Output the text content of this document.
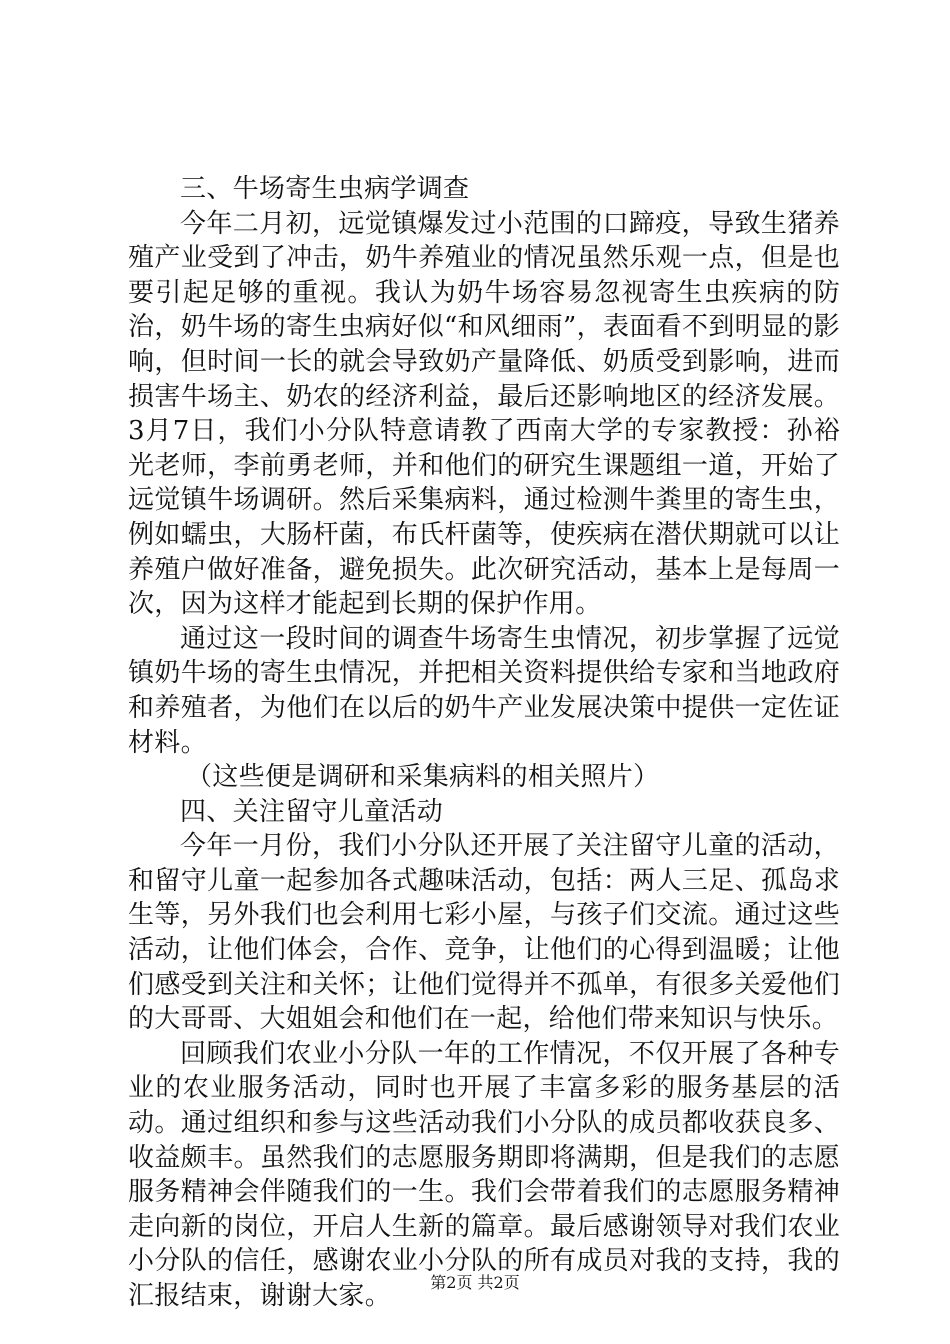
三、牛场寄生虫病学调查

今年二月初，远觉镇爆发过小范围的口蹄疫，导致生猪养殖产业受到了冲击，奶牛养殖业的情况虽然乐观一点，但是也要引起足够的重视。我认为奶牛场容易忽视寄生虫疾病的防治，奶牛场的寄生虫病好似“和风细雨”，表面看不到明显的影响，但时间一长的就会导致奶产量降低、奶质受到影响，进而损害牛场主、奶农的经济利益，最后还影响地区的经济发展。3月7日，我们小分队特意请教了西南大学的专家教授：孙裕光老师，李前勇老师，并和他们的研究生课题组一道，开始了远觉镇牛场调研。然后采集病料，通过检测牛粪里的寄生虫，例如蠕虫，大肠杆菌，布氏杆菌等，使疾病在潜伏期就可以让养殖户做好准备，避免损失。此次研究活动，基本上是每周一次，因为这样才能起到长期的保护作用。

通过这一段时间的调查牛场寄生虫情况，初步掌握了远觉镇奶牛场的寄生虫情况，并把相关资料提供给专家和当地政府和养殖者，为他们在以后的奶牛产业发展决策中提供一定佐证材料。

（这些便是调研和采集病料的相关照片）

四、关注留守儿童活动

今年一月份，我们小分队还开展了关注留守儿童的活动，和留守儿童一起参加各式趣味活动，包括：两人三足、孤岛求生等，另外我们也会利用七彩小屋，与孩子们交流。通过这些活动，让他们体会，合作、竞争，让他们的心得到温暖；让他们感受到关注和关怀；让他们觉得并不孤单，有很多关爱他们的大哥哥、大姐姐会和他们在一起，给他们带来知识与快乐。

回顾我们农业小分队一年的工作情况，不仅开展了各种专业的农业服务活动，同时也开展了丰富多彩的服务基层的活动。通过组织和参与这些活动我们小分队的成员都收获良多、收益颇丰。虽然我们的志愿服务期即将满期，但是我们的志愿服务精神会伴随我们的一生。我们会带着我们的志愿服务精神走向新的岗位，开启人生新的篇章。最后感谢领导对我们农业小分队的信任，感谢农业小分队的所有成员对我的支持，我的汇报结束，谢谢大家。	第2页 共2页
